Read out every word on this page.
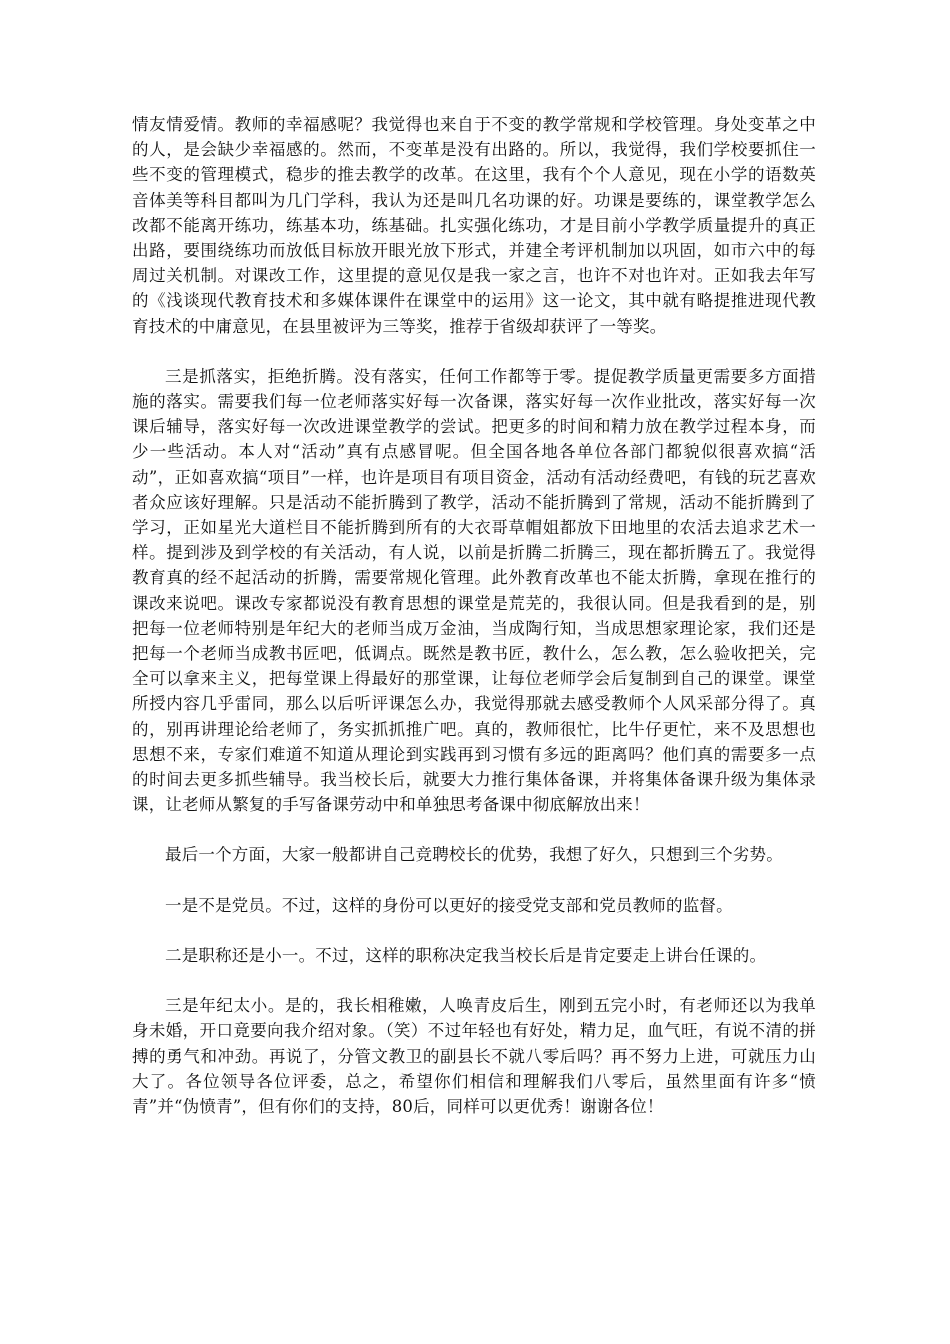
情友情爱情。教师的幸福感呢？我觉得也来自于不变的教学常规和学校管理。身处变革之中的人，是会缺少幸福感的。然而，不变革是没有出路的。所以，我觉得，我们学校要抓住一些不变的管理模式，稳步的推去教学的改革。在这里，我有个个人意见，现在小学的语数英音体美等科目都叫为几门学科，我认为还是叫几名功课的好。功课是要练的，课堂教学怎么改都不能离开练功，练基本功，练基础。扎实强化练功，才是目前小学教学质量提升的真正出路，要围绕练功而放低目标放开眼光放下形式，并建全考评机制加以巩固，如市六中的每周过关机制。对课改工作，这里提的意见仅是我一家之言，也许不对也许对。正如我去年写的《浅谈现代教育技术和多媒体课件在课堂中的运用》这一论文，其中就有略提推进现代教育技术的中庸意见，在县里被评为三等奖，推荐于省级却获评了一等奖。

三是抓落实，拒绝折腾。没有落实，任何工作都等于零。提促教学质量更需要多方面措施的落实。需要我们每一位老师落实好每一次备课，落实好每一次作业批改，落实好每一次课后辅导，落实好每一次改进课堂教学的尝试。把更多的时间和精力放在教学过程本身，而少一些活动。本人对“活动”真有点感冒呢。但全国各地各单位各部门都貌似很喜欢搞“活动”，正如喜欢搞“项目”一样，也许是项目有项目资金，活动有活动经费吧，有钱的玩艺喜欢者众应该好理解。只是活动不能折腾到了教学，活动不能折腾到了常规，活动不能折腾到了学习，正如星光大道栏目不能折腾到所有的大衣哥草帽姐都放下田地里的农活去追求艺术一样。提到涉及到学校的有关活动，有人说，以前是折腾二折腾三，现在都折腾五了。我觉得教育真的经不起活动的折腾，需要常规化管理。此外教育改革也不能太折腾，拿现在推行的课改来说吧。课改专家都说没有教育思想的课堂是荒芜的，我很认同。但是我看到的是，别把每一位老师特别是年纪大的老师当成万金油，当成陶行知，当成思想家理论家，我们还是把每一个老师当成教书匠吧，低调点。既然是教书匠，教什么，怎么教，怎么验收把关，完全可以拿来主义，把每堂课上得最好的那堂课，让每位老师学会后复制到自己的课堂。课堂所授内容几乎雷同，那么以后听评课怎么办，我觉得那就去感受教师个人风采部分得了。真的，别再讲理论给老师了，务实抓抓推广吧。真的，教师很忙，比牛仔更忙，来不及思想也思想不来，专家们难道不知道从理论到实践再到习惯有多远的距离吗？他们真的需要多一点的时间去更多抓些辅导。我当校长后，就要大力推行集体备课，并将集体备课升级为集体录课，让老师从繁复的手写备课劳动中和单独思考备课中彻底解放出来！

最后一个方面，大家一般都讲自己竞聘校长的优势，我想了好久，只想到三个劣势。

一是不是党员。不过，这样的身份可以更好的接受党支部和党员教师的监督。

二是职称还是小一。不过，这样的职称决定我当校长后是肯定要走上讲台任课的。

三是年纪太小。是的，我长相稚嫩，人唤青皮后生，刚到五完小时，有老师还以为我单身未婚，开口竟要向我介绍对象。（笑）不过年轻也有好处，精力足，血气旺，有说不清的拼搏的勇气和冲劲。再说了，分管文教卫的副县长不就八零后吗？再不努力上进，可就压力山大了。各位领导各位评委，总之，希望你们相信和理解我们八零后，虽然里面有许多“愤青”并“伪愤青”，但有你们的支持，80后，同样可以更优秀！谢谢各位！
